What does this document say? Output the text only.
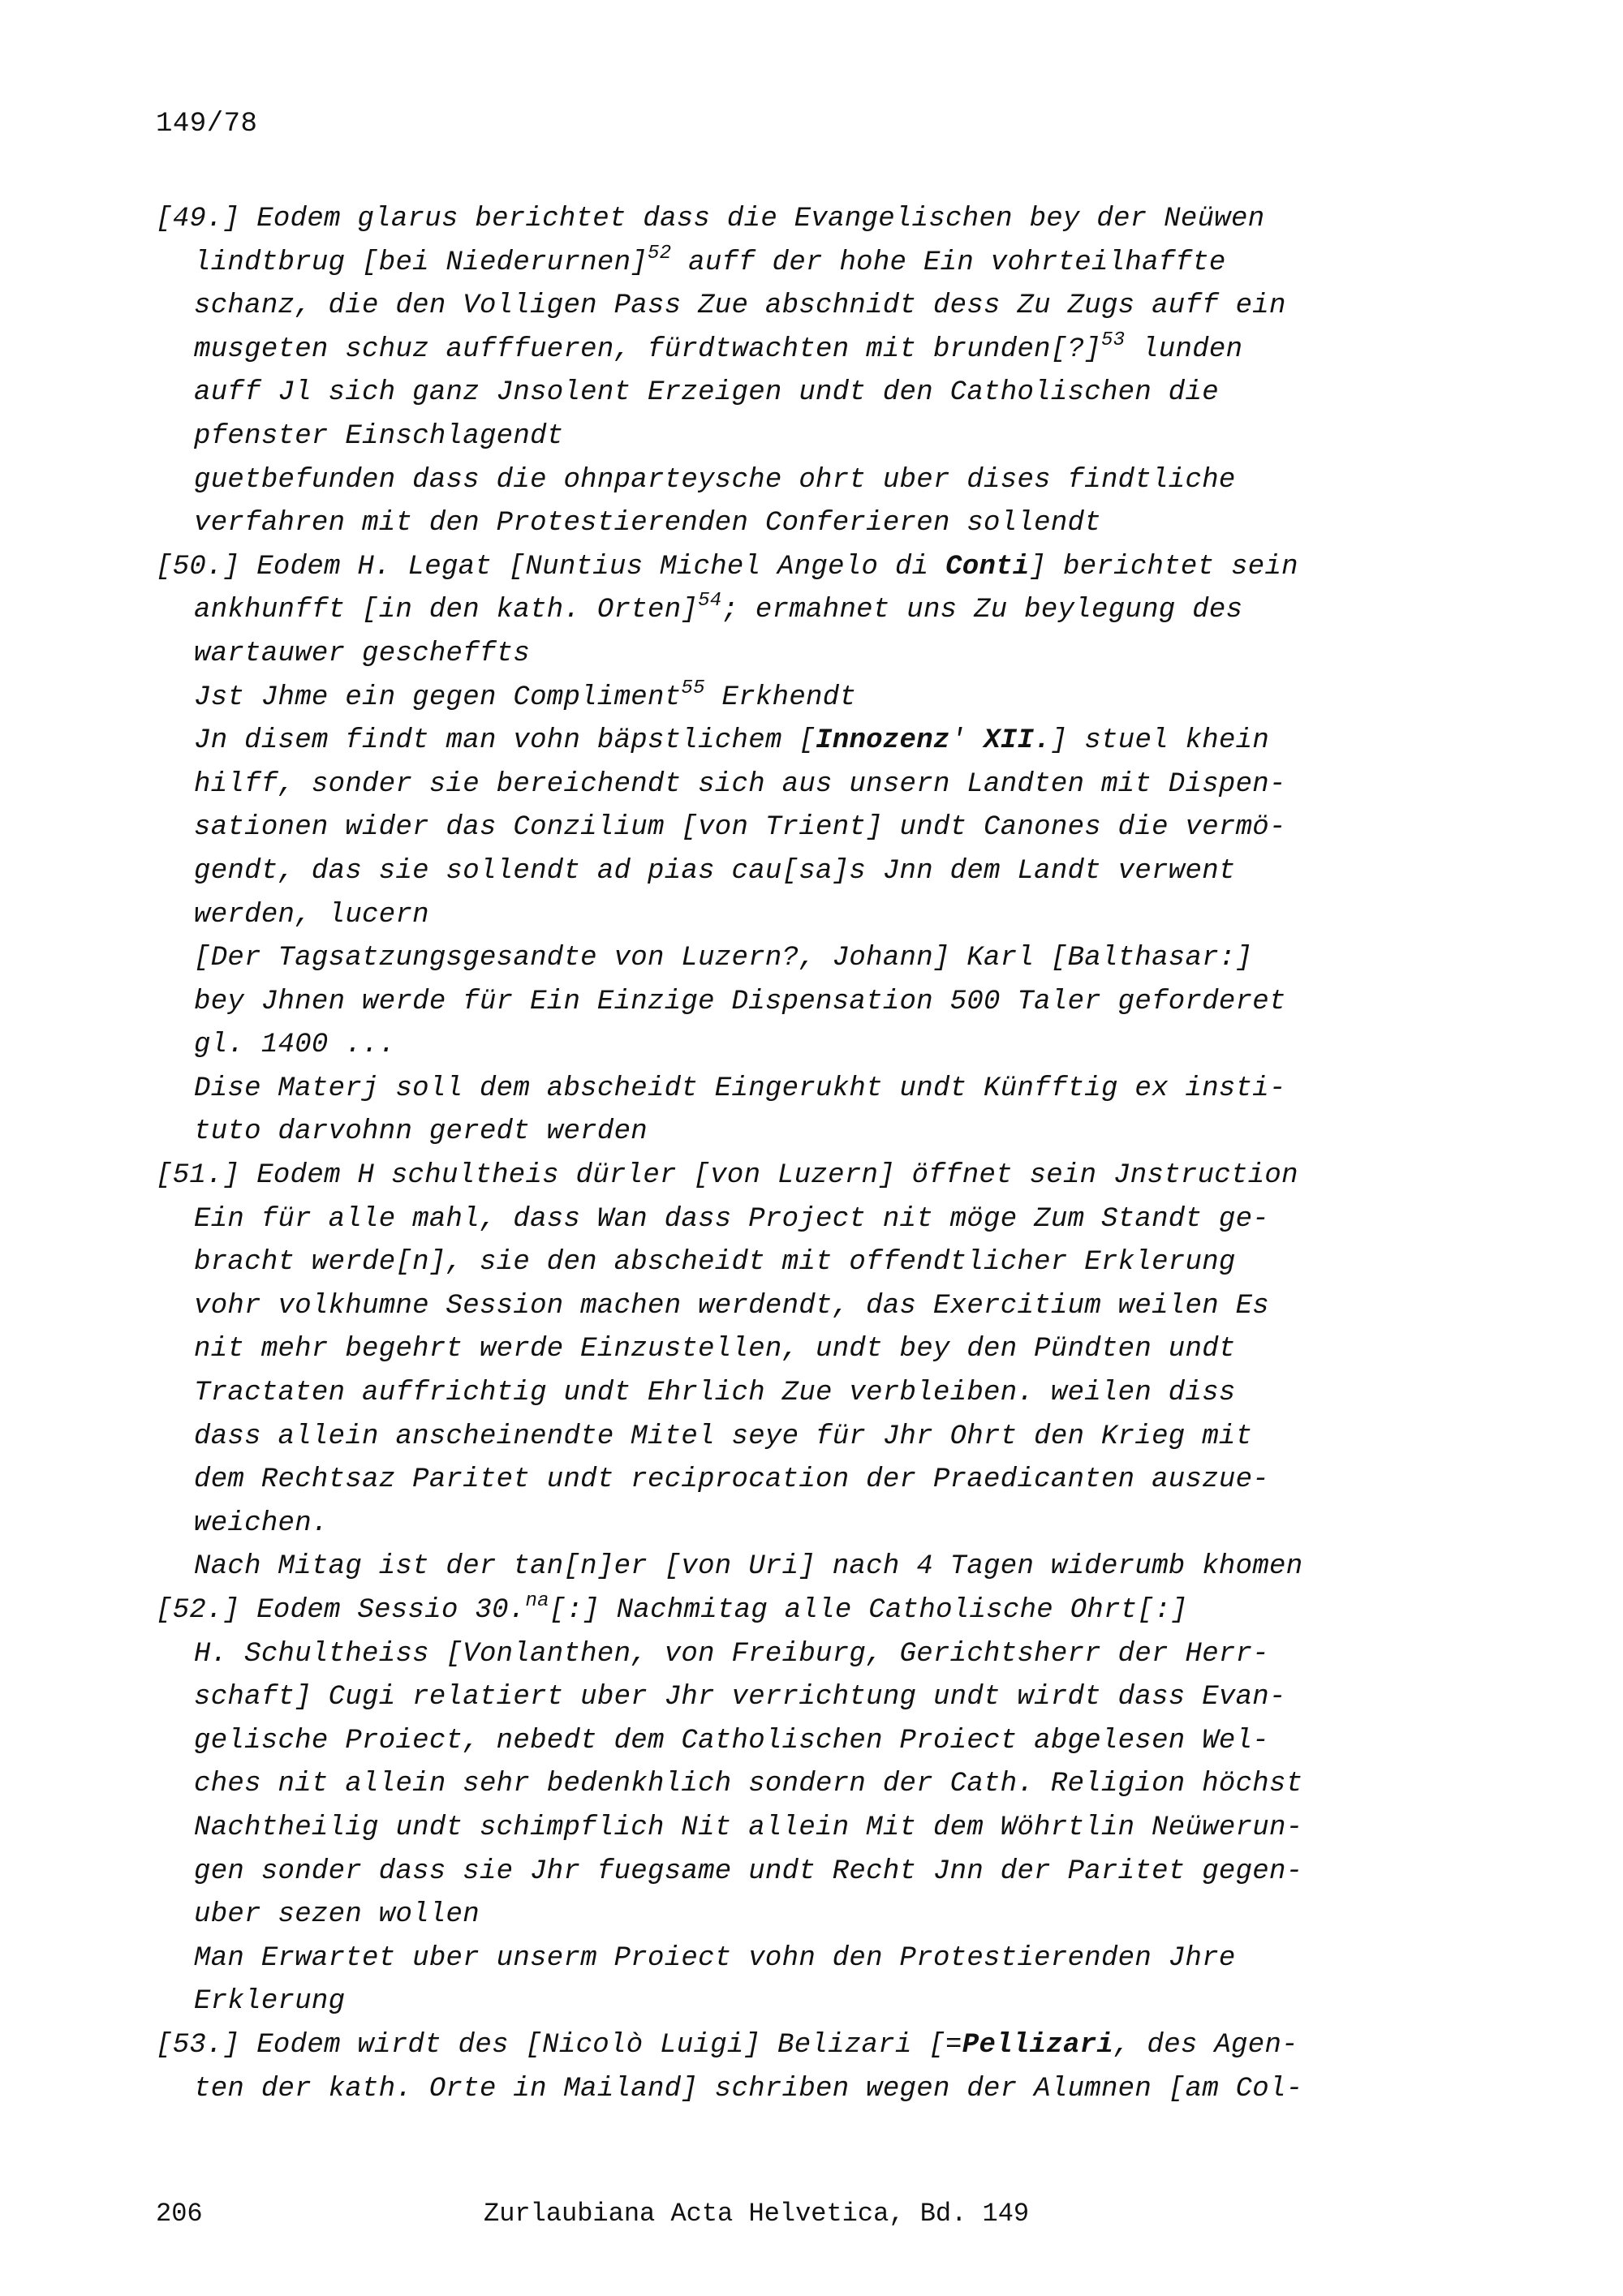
149/78
[49.] Eodem glarus berichtet dass die Evangelischen bey der Neüwen
lindtbrug [bei Niederurnen]$^{52}$ auff der hohe Ein vohrteilhaffte
schanz, die den Volligen Pass Zue abschnidt dess Zu Zugs auff ein
musgeten schuz aufffueren, fürdtwachten mit brunden[?]$^{53}$ lunden
auff Jl sich ganz Jnsolent Erzeigen undt den Catholischen die
pfenster Einschlagendt
guetbefunden dass die ohnparteysche ohrt uber dises findtliche
verfahren mit den Protestierenden Conferieren sollendt
[50.] Eodem H. Legat [Nuntius Michel Angelo di Conti] berichtet sein
ankhunfft [in den kath. Orten]$^{54}$; ermahnet uns Zu beylegung des
wartauwer gescheffts
Jst Jhme ein gegen Compliment$^{55}$ Erkhendt
Jn disem findt man vohn bäpstlichem [Innozenz' XII.] stuel khein
hilff, sonder sie bereichendt sich aus unsern Landten mit Dispen-
sationen wider das Conzilium [von Trient] undt Canones die vermö-
gendt, das sie sollendt ad pias cau[sa]s Jnn dem Landt verwent
werden, lucern
[Der Tagsatzungsgesandte von Luzern?, Johann] Karl [Balthasar:]
bey Jhnen werde für Ein Einzige Dispensation 500 Taler geforderet
gl. 1400 ...
Dise Materj soll dem abscheidt Eingerukht undt Künfftig ex insti-
tuto darvohnn geredt werden
[51.] Eodem H schultheis dürler [von Luzern] öffnet sein Jnstruction
Ein für alle mahl, dass Wan dass Project nit möge Zum Standt ge-
bracht werde[n], sie den abscheidt mit offendtlicher Erklerung
vohr volkhumne Session machen werdendt, das Exercitium weilen Es
nit mehr begehrt werde Einzustellen, undt bey den Pündten undt
Tractaten auffrichtig undt Ehrlich Zue verbleiben. weilen diss
dass allein anscheinendte Mitel seye für Jhr Ohrt den Krieg mit
dem Rechtsaz Paritet undt reciprocation der Praedicanten auszue-
weichen.
Nach Mitag ist der tan[n]er [von Uri] nach 4 Tagen widerumb khomen
[52.] Eodem Sessio 30.$^{na}$[:] Nachmitag alle Catholische Ohrt[:]
H. Schultheiss [Vonlanthen, von Freiburg, Gerichtsherr der Herr-
schaft] Cugi relatiert uber Jhr verrichtung undt wirdt dass Evan-
gelische Proiect, nebedt dem Catholischen Proiect abgelesen Wel-
ches nit allein sehr bedenkhlich sondern der Cath. Religion höchst
Nachtheilig undt schimpflich Nit allein Mit dem Wöhrtlin Neüwerun-
gen sonder dass sie Jhr fuegsame undt Recht Jnn der Paritet gegen-
uber sezen wollen
Man Erwartet uber unserm Proiect vohn den Protestierenden Jhre
Erklerung
[53.] Eodem wirdt des [Nicolò Luigi] Belizari [=Pellizari, des Agen-
ten der kath. Orte in Mailand] schriben wegen der Alumnen [am Col-
206	Zurlaubiana Acta Helvetica, Bd. 149
